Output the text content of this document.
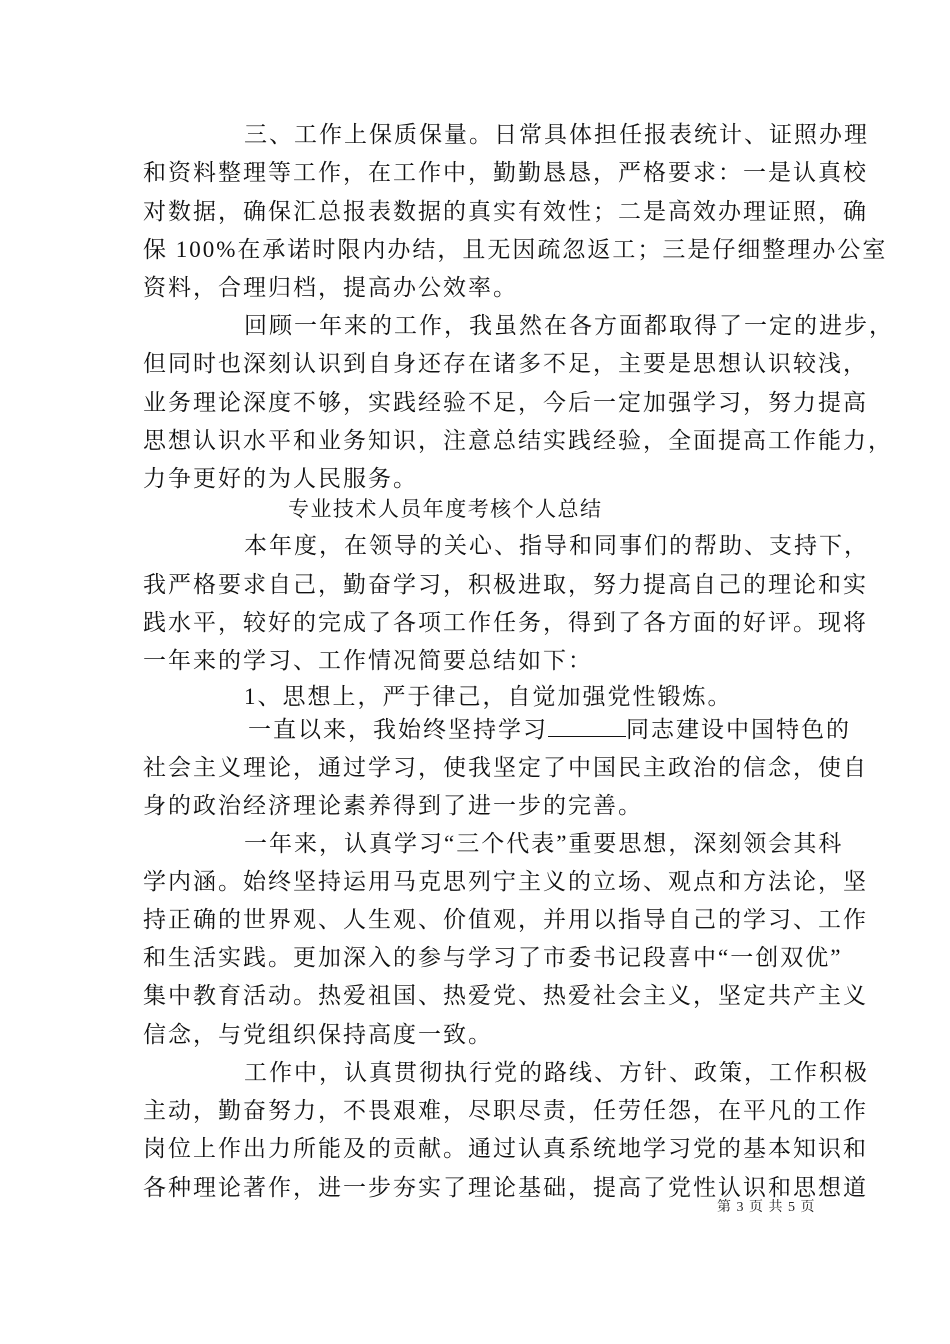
三、工作上保质保量。日常具体担任报表统计、证照办理
和资料整理等工作，在工作中，勤勤恳恳，严格要求：一是认真校
对数据，确保汇总报表数据的真实有效性；二是高效办理证照，确
保 100%在承诺时限内办结，且无因疏忽返工；三是仔细整理办公室
资料，合理归档，提高办公效率。
回顾一年来的工作，我虽然在各方面都取得了一定的进步，
但同时也深刻认识到自身还存在诸多不足，主要是思想认识较浅，
业务理论深度不够，实践经验不足，今后一定加强学习，努力提高
思想认识水平和业务知识，注意总结实践经验，全面提高工作能力，
力争更好的为人民服务。
专业技术人员年度考核个人总结
本年度，在领导的关心、指导和同事们的帮助、支持下，
我严格要求自己，勤奋学习，积极进取，努力提高自己的理论和实
践水平，较好的完成了各项工作任务，得到了各方面的好评。现将
一年来的学习、工作情况简要总结如下：
1、思想上，严于律己，自觉加强党性锻炼。
一直以来，我始终坚持学习	同志建设中国特色的
社会主义理论，通过学习，使我坚定了中国民主政治的信念，使自
身的政治经济理论素养得到了进一步的完善。
一年来，认真学习“三个代表”重要思想，深刻领会其科
学内涵。始终坚持运用马克思列宁主义的立场、观点和方法论，坚
持正确的世界观、人生观、价值观，并用以指导自己的学习、工作
和生活实践。更加深入的参与学习了市委书记段喜中“一创双优”
集中教育活动。热爱祖国、热爱党、热爱社会主义，坚定共产主义
信念，与党组织保持高度一致。
工作中，认真贯彻执行党的路线、方针、政策，工作积极
主动，勤奋努力，不畏艰难，尽职尽责，任劳任怨，在平凡的工作
岗位上作出力所能及的贡献。通过认真系统地学习党的基本知识和
各种理论著作，进一步夯实了理论基础，提高了党性认识和思想道
第 3 页 共 5 页
